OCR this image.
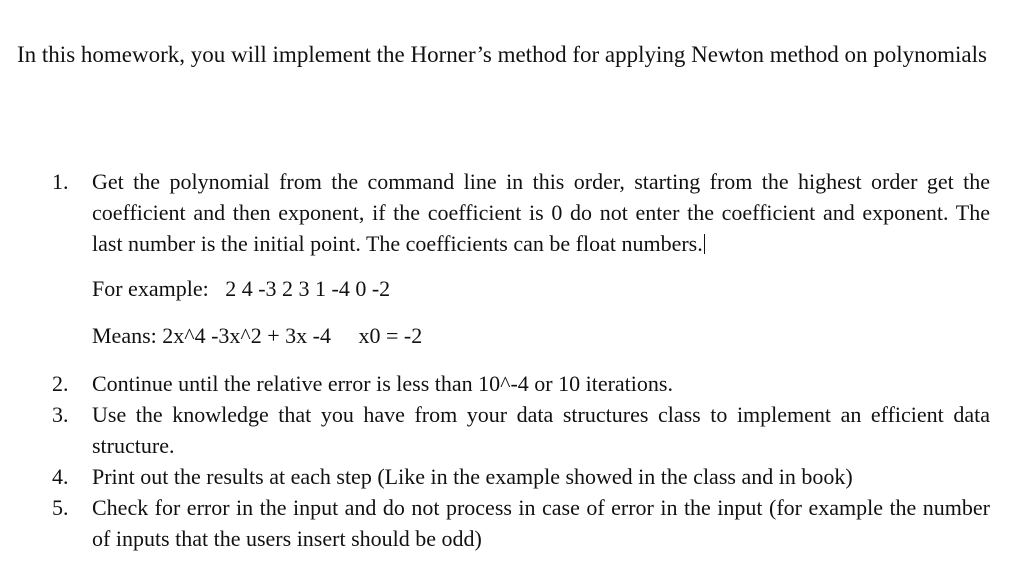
In this homework, you will implement the Horner’s method for applying Newton method on polynomials

1.	Get the polynomial from the command line in this order, starting from the highest order get the coefficient and then exponent, if the coefficient is 0 do not enter the coefficient and exponent. The last number is the initial point. The coefficients can be float numbers.

For example: 2 4 -3 2 3 1 -4 0 -2

Means: 2x^4 -3x^2 + 3x -4 x0 = -2

2.	Continue until the relative error is less than 10^-4 or 10 iterations.
3.	Use the knowledge that you have from your data structures class to implement an efficient data structure.
4.	Print out the results at each step (Like in the example showed in the class and in book)
5.	Check for error in the input and do not process in case of error in the input (for example the number of inputs that the users insert should be odd)
